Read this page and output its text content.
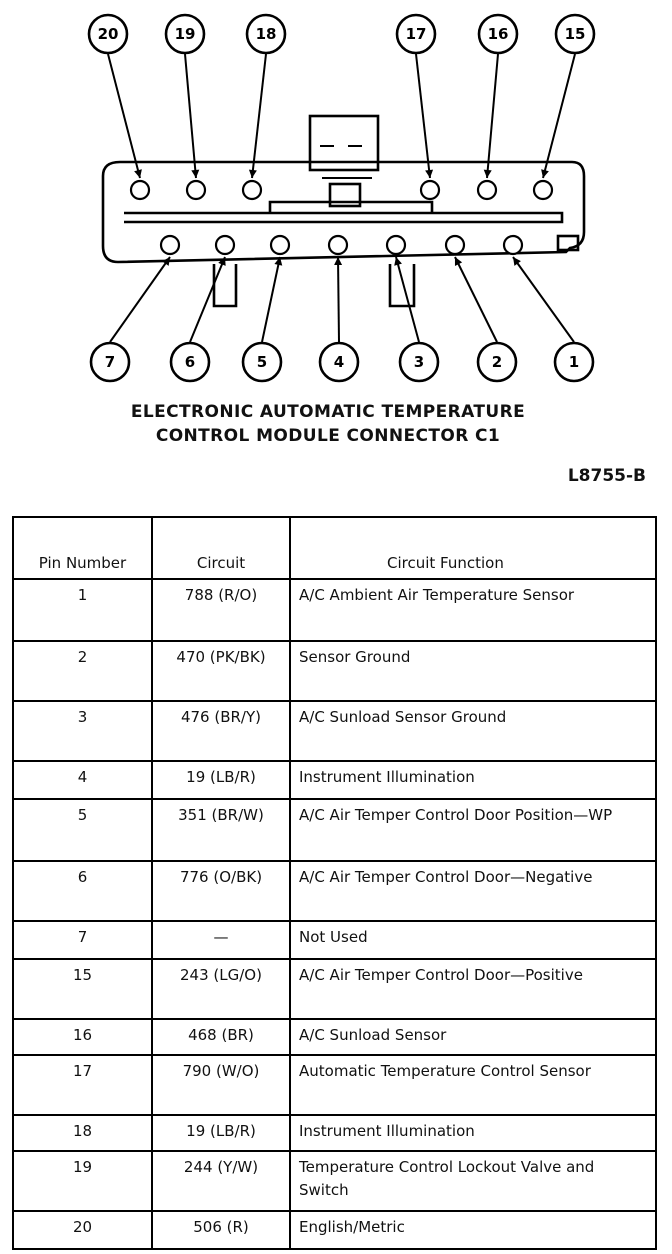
20	19	18	17	16	15
7	6	5	4	3	2	1
ELECTRONIC AUTOMATIC TEMPERATURE
CONTROL MODULE CONNECTOR C1
L8755-B
Pin Number	Circuit	Circuit Function
1	788 (R/O)	A/C Ambient Air Temperature Sensor
2	470 (PK/BK)	Sensor Ground
3	476 (BR/Y)	A/C Sunload Sensor Ground
4	19 (LB/R)	Instrument Illumination
5	351 (BR/W)	A/C Air Temper Control Door Position—WP
6	776 (O/BK)	A/C Air Temper Control Door—Negative
7	—	Not Used
15	243 (LG/O)	A/C Air Temper Control Door—Positive
16	468 (BR)	A/C Sunload Sensor
17	790 (W/O)	Automatic Temperature Control Sensor
18	19 (LB/R)	Instrument Illumination
19	244 (Y/W)	Temperature Control Lockout Valve and Switch
20	506 (R)	English/Metric
